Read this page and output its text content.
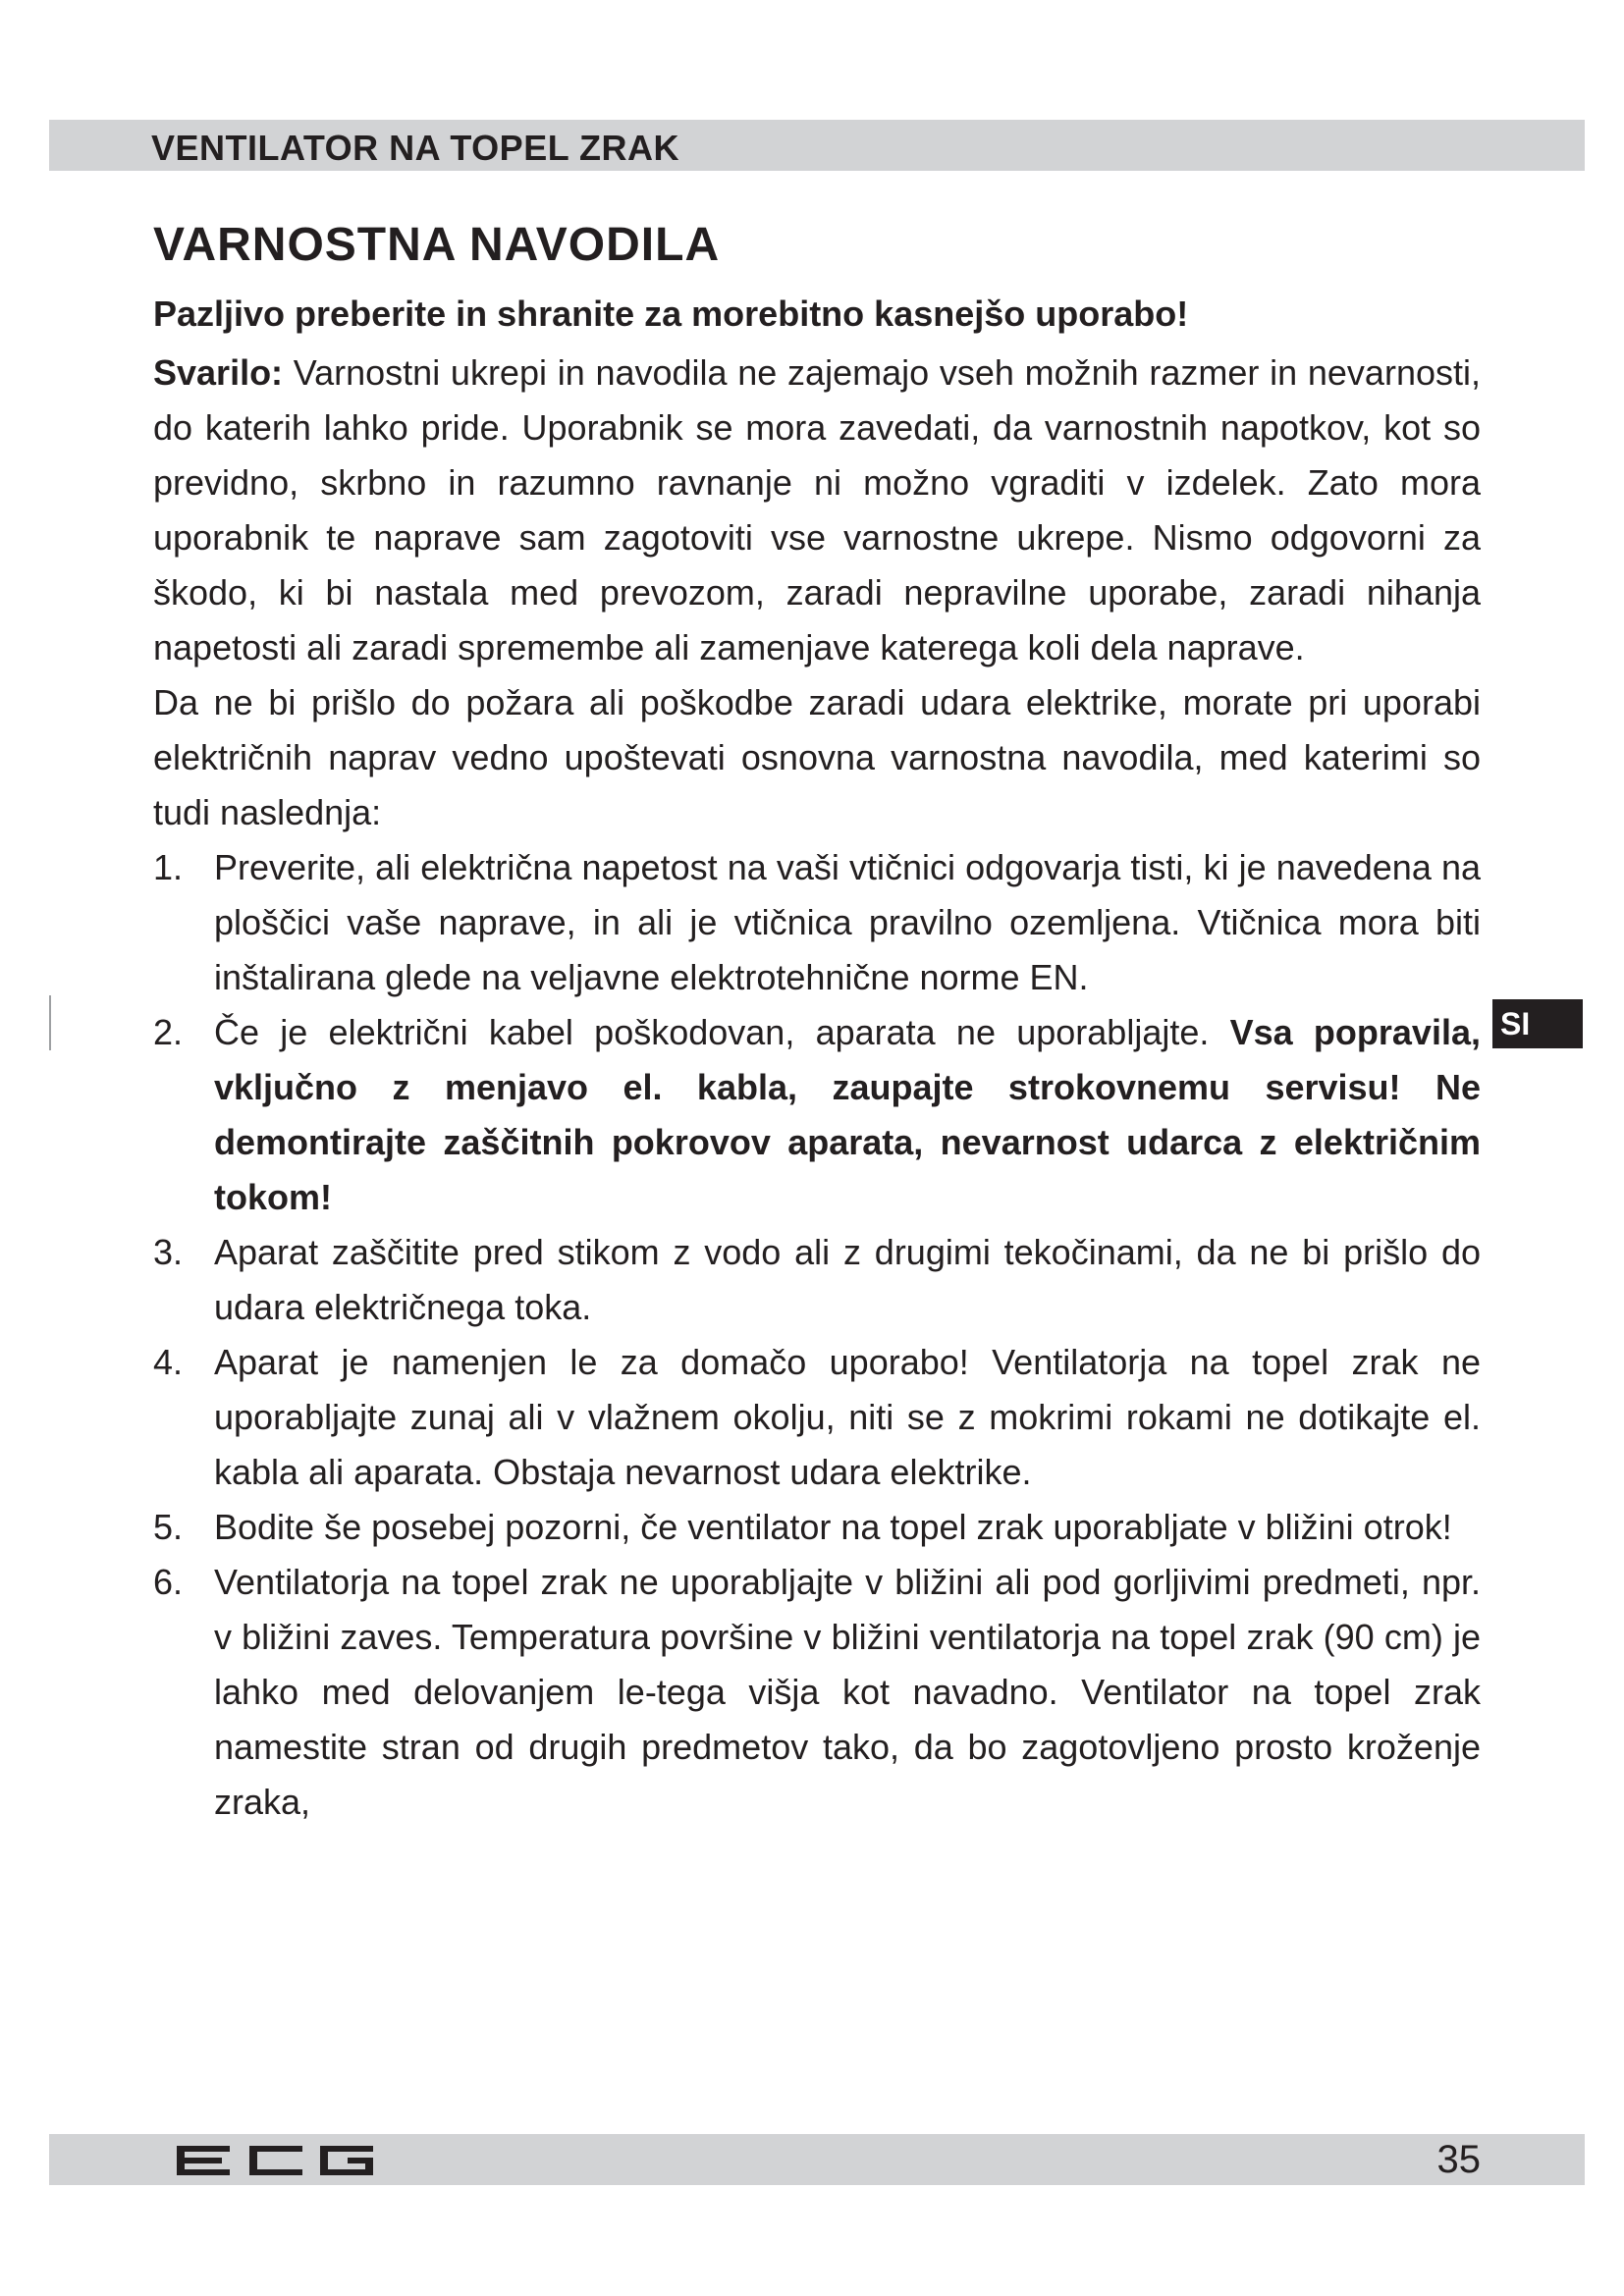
VENTILATOR NA TOPEL ZRAK
VARNOSTNA NAVODILA

Pazljivo preberite in shranite za morebitno kasnejšo uporabo!

Svarilo: Varnostni ukrepi in navodila ne zajemajo vseh možnih razmer in nevarnosti, do katerih lahko pride. Uporabnik se mora zavedati, da varnostnih napotkov, kot so previdno, skrbno in razumno ravnanje ni možno vgraditi v izdelek. Zato mora uporabnik te naprave sam zagotoviti vse varnostne ukrepe. Nismo odgovorni za škodo, ki bi nastala med prevozom, zaradi nepravilne uporabe, zaradi nihanja napetosti ali zaradi spremembe ali zamenjave katerega koli dela naprave.

Da ne bi prišlo do požara ali poškodbe zaradi udara elektrike, morate pri uporabi električnih naprav vedno upoštevati osnovna varnostna navodila, med katerimi so tudi naslednja:

1. Preverite, ali električna napetost na vaši vtičnici odgovarja tisti, ki je navedena na ploščici vaše naprave, in ali je vtičnica pravilno ozemljena. Vtičnica mora biti inštalirana glede na veljavne elektrotehnične norme EN.
2. Če je električni kabel poškodovan, aparata ne uporabljajte. Vsa popravila, vključno z menjavo el. kabla, zaupajte strokovnemu servisu! Ne demontirajte zaščitnih pokrovov aparata, nevarnost udarca z električnim tokom!
3. Aparat zaščitite pred stikom z vodo ali z drugimi tekočinami, da ne bi prišlo do udara električnega toka.
4. Aparat je namenjen le za domačo uporabo! Ventilatorja na topel zrak ne uporabljajte zunaj ali v vlažnem okolju, niti se z mokrimi rokami ne dotikajte el. kabla ali aparata. Obstaja nevarnost udara elektrike.
5. Bodite še posebej pozorni, če ventilator na topel zrak uporabljate v bližini otrok!
6. Ventilatorja na topel zrak ne uporabljajte v bližini ali pod gorljivimi predmeti, npr. v bližini zaves. Temperatura površine v bližini ventilatorja na topel zrak (90 cm) je lahko med delovanjem le-tega višja kot navadno. Ventilator na topel zrak namestite stran od drugih predmetov tako, da bo zagotovljeno prosto kroženje zraka,
SI
35
